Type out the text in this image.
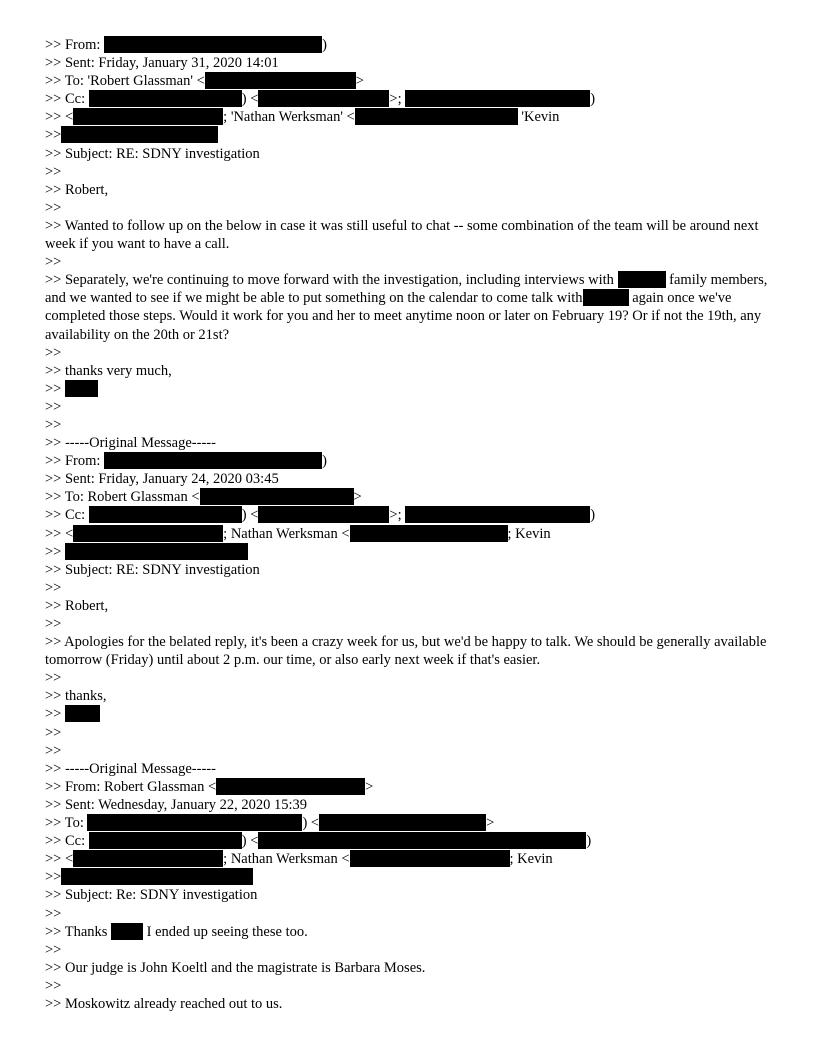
>> From:	)
>> Sent: Friday, January 31, 2020 14:01
>> To: 'Robert Glassman' <	>
>> Cc:	) <	>;	)
>> <	; 'Nathan Werksman' <	'Kevin
>>
>> Subject: RE: SDNY investigation
>>
>> Robert,
>>
>> Wanted to follow up on the below in case it was still useful to chat -- some combination of the team will be around next week if you want to have a call.
>>
>> Separately, we're continuing to move forward with the investigation, including interviews with	family members, and we wanted to see if we might be able to put something on the calendar to come talk with	again once we've completed those steps. Would it work for you and her to meet anytime noon or later on February 19? Or if not the 19th, any availability on the 20th or 21st?
>>
>> thanks very much,
>>
>>
>>
>> -----Original Message-----
>> From:	)
>> Sent: Friday, January 24, 2020 03:45
>> To: Robert Glassman <	>
>> Cc:	) <	>;	)
>> <	; Nathan Werksman <	; Kevin
>>
>> Subject: RE: SDNY investigation
>>
>> Robert,
>>
>> Apologies for the belated reply, it's been a crazy week for us, but we'd be happy to talk. We should be generally available tomorrow (Friday) until about 2 p.m. our time, or also early next week if that's easier.
>>
>> thanks,
>>
>>
>>
>> -----Original Message-----
>> From: Robert Glassman <	>
>> Sent: Wednesday, January 22, 2020 15:39
>> To:	) <	>
>> Cc:	) <	)
>> <	; Nathan Werksman <	; Kevin
>>
>> Subject: Re: SDNY investigation
>>
>> Thanks	I ended up seeing these too.
>>
>> Our judge is John Koeltl and the magistrate is Barbara Moses.
>>
>> Moskowitz already reached out to us.
